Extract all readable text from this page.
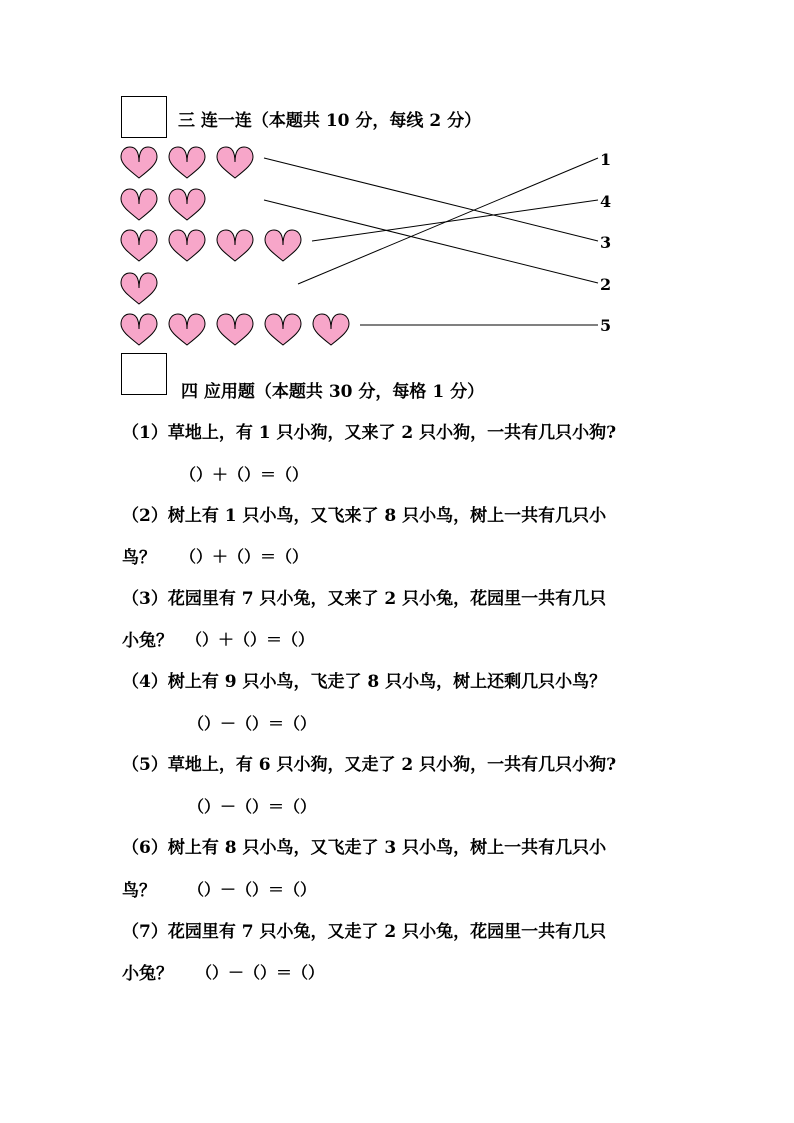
三 连一连（本题共 10 分，每线 2 分）
1
4
3
2
5
四 应用题（本题共 30 分，每格 1 分）
（1）草地上，有 1 只小狗，又来了 2 只小狗，一共有几只小狗?
（）＋（）＝（）
（2）树上有 1 只小鸟，又飞来了 8 只小鸟，树上一共有几只小
鸟？ （）＋（）＝（）
（3）花园里有 7 只小兔，又来了 2 只小兔，花园里一共有几只
小兔？ （）＋（）＝（）
（4）树上有 9 只小鸟，飞走了 8 只小鸟，树上还剩几只小鸟？
（）－（）＝（）
（5）草地上，有 6 只小狗，又走了 2 只小狗，一共有几只小狗?
（）－（）＝（）
（6）树上有 8 只小鸟，又飞走了 3 只小鸟，树上一共有几只小
鸟？ （）－（）＝（）
（7）花园里有 7 只小兔，又走了 2 只小兔，花园里一共有几只
小兔？ （）－（）＝（）
